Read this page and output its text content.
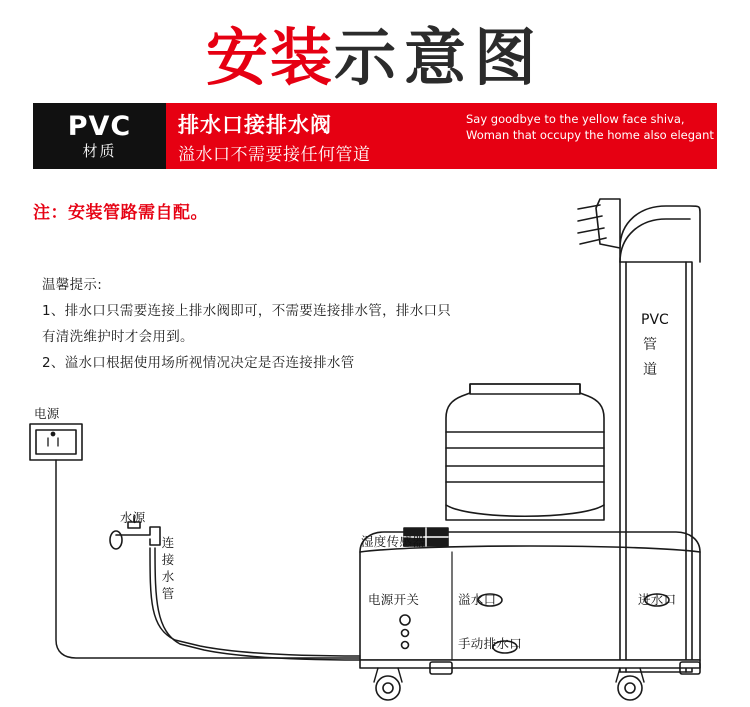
安装示意图
PVC
材质
排水口接排水阀
溢水口不需要接任何管道
Say goodbye to the yellow face shiva,
Woman that occupy the home also elegant
注：安装管路需自配。
温馨提示:
1、排水口只需要连接上排水阀即可，不需要连接排水管，排水口只
有清洗维护时才会用到。
2、溢水口根据使用场所视情况决定是否连接排水管
电源
水源
连接水管
PVC管道
湿度传感器
电源开关	溢水口	进水口
手动排水口
